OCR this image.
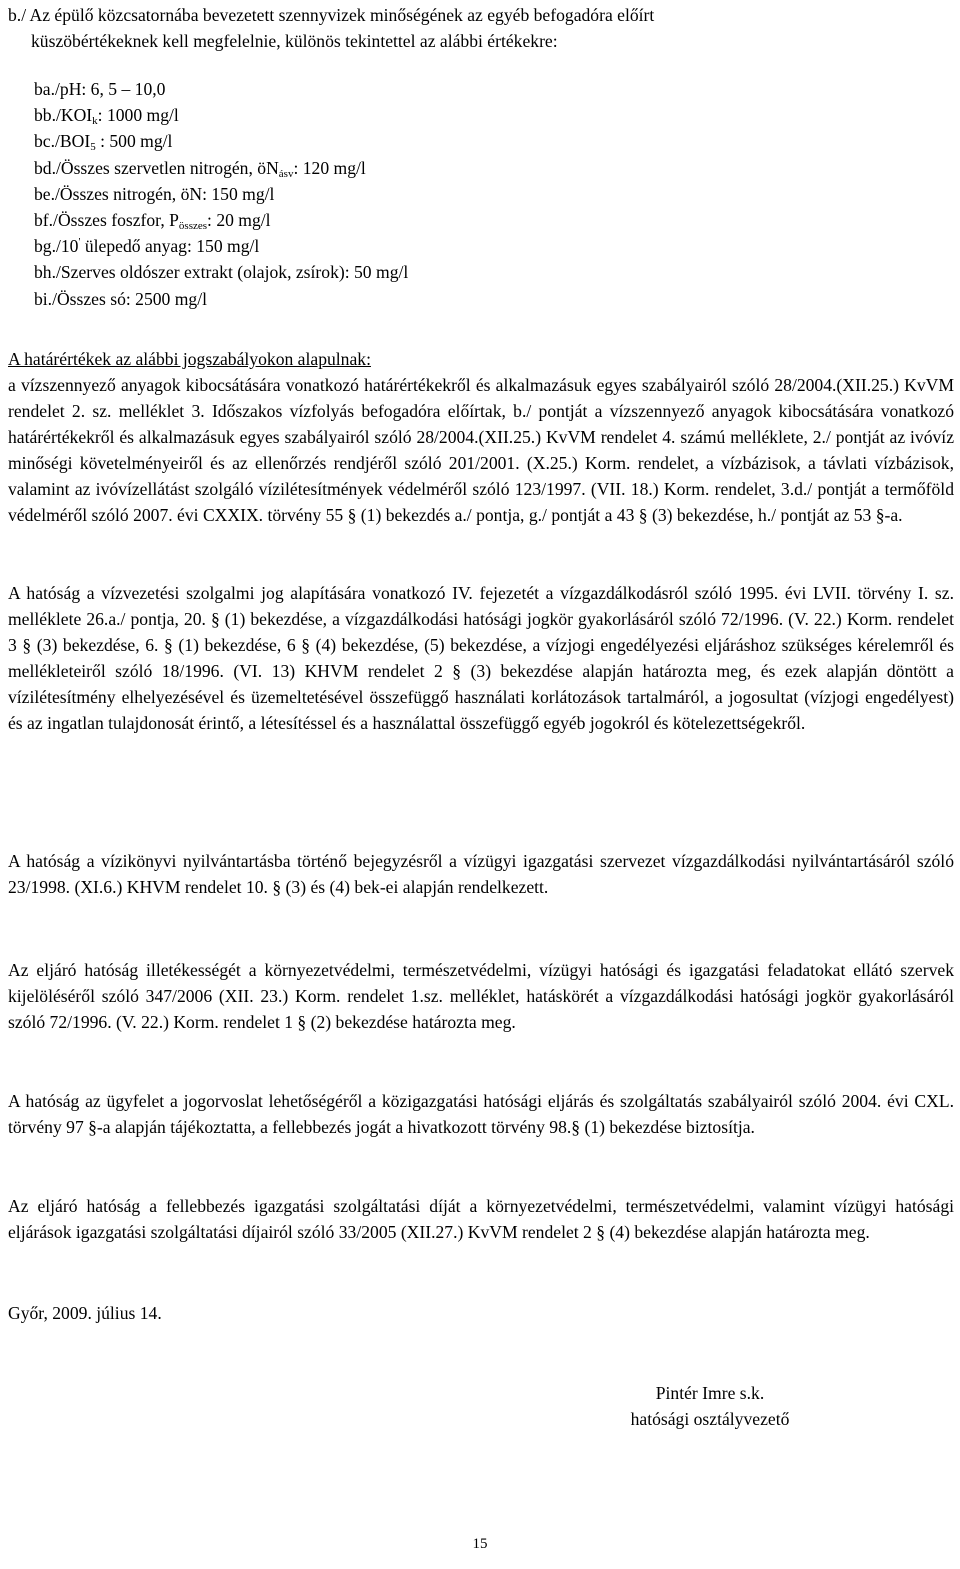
b./ Az épülő közcsatornába bevezetett szennyvizek minőségének az egyéb befogadóra előírt
küszöbértékeknek kell megfelelnie, különös tekintettel az alábbi értékekre:
ba./pH: 6, 5 – 10,0
$bb./KOI_k$: 1000 mg/l
$bc./BOI_5$ : 500 mg/l
bd./Összes szervetlen nitrogén, $öN_{ásv}$: 120 mg/l
be./Összes nitrogén, öN: 150 mg/l
bf./Összes foszfor, $P_{összes}$: 20 mg/l
bg./10' ülepedő anyag: 150 mg/l
bh./Szerves oldószer extrakt (olajok, zsírok): 50 mg/l
bi./Összes só: 2500 mg/l
A határértékek az alábbi jogszabályokon alapulnak:
a vízszennyező anyagok kibocsátására vonatkozó határértékekről és alkalmazásuk egyes szabályairól szóló 28/2004.(XII.25.) KvVM rendelet 2. sz. melléklet 3. Időszakos vízfolyás befogadóra előírtak, b./ pontját a vízszennyező anyagok kibocsátására vonatkozó határértékekről és alkalmazásuk egyes szabályairól szóló 28/2004.(XII.25.) KvVM rendelet 4. számú melléklete, 2./ pontját az ivóvíz minőségi követelményeiről és az ellenőrzés rendjéről szóló 201/2001. (X.25.) Korm. rendelet, a vízbázisok, a távlati vízbázisok, valamint az ivóvízellátást szolgáló vízilétesítmények védelméről szóló 123/1997. (VII. 18.) Korm. rendelet, 3.d./ pontját a termőföld védelméről szóló 2007. évi CXXIX. törvény 55 § (1) bekezdés a./ pontja, g./ pontját a 43 § (3) bekezdése, h./ pontját az 53 §-a.
A hatóság a vízvezetési szolgalmi jog alapítására vonatkozó IV. fejezetét a vízgazdálkodásról szóló 1995. évi LVII. törvény I. sz. melléklete 26.a./ pontja, 20. § (1) bekezdése, a vízgazdálkodási hatósági jogkör gyakorlásáról szóló 72/1996. (V. 22.) Korm. rendelet 3 § (3) bekezdése, 6. § (1) bekezdése, 6 § (4) bekezdése, (5) bekezdése, a vízjogi engedélyezési eljáráshoz szükséges kérelemről és mellékleteiről szóló 18/1996. (VI. 13) KHVM rendelet 2 § (3) bekezdése alapján határozta meg, és ezek alapján döntött a vízilétesítmény elhelyezésével és üzemeltetésével összefüggő használati korlátozások tartalmáról, a jogosultat (vízjogi engedélyest) és az ingatlan tulajdonosát érintő, a létesítéssel és a használattal összefüggő egyéb jogokról és kötelezettségekről.
A hatóság a vízikönyvi nyilvántartásba történő bejegyzésről a vízügyi igazgatási szervezet vízgazdálkodási nyilvántartásáról szóló 23/1998. (XI.6.) KHVM rendelet 10. § (3) és (4) bek-ei alapján rendelkezett.
Az eljáró hatóság illetékességét a környezetvédelmi, természetvédelmi, vízügyi hatósági és igazgatási feladatokat ellátó szervek kijelöléséről szóló 347/2006 (XII. 23.) Korm. rendelet 1.sz. melléklet, hatáskörét a vízgazdálkodási hatósági jogkör gyakorlásáról szóló 72/1996. (V. 22.) Korm. rendelet 1 § (2) bekezdése határozta meg.
A hatóság az ügyfelet a jogorvoslat lehetőségéről a közigazgatási hatósági eljárás és szolgáltatás szabályairól szóló 2004. évi CXL. törvény 97 §-a alapján tájékoztatta, a fellebbezés jogát a hivatkozott törvény 98.§ (1) bekezdése biztosítja.
Az eljáró hatóság a fellebbezés igazgatási szolgáltatási díját a környezetvédelmi, természetvédelmi, valamint vízügyi hatósági eljárások igazgatási szolgáltatási díjairól szóló 33/2005 (XII.27.) KvVM rendelet 2 § (4) bekezdése alapján határozta meg.
Győr, 2009. július 14.
Pintér Imre s.k.
hatósági osztályvezető
15
